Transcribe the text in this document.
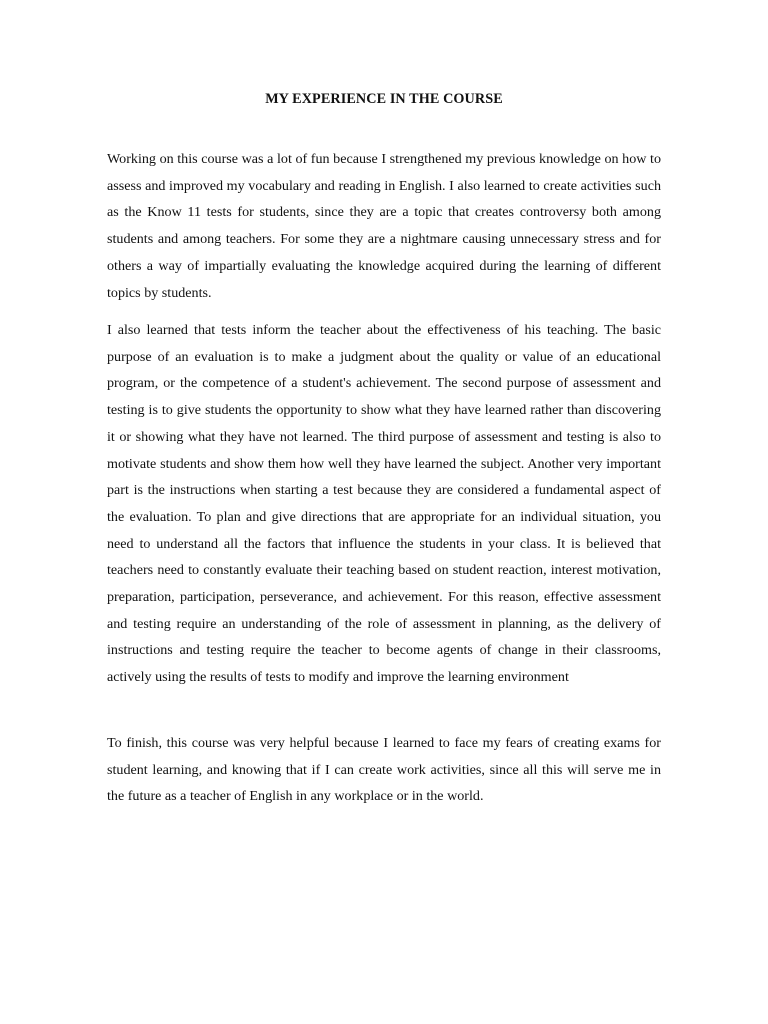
MY EXPERIENCE IN THE COURSE

Working on this course was a lot of fun because I strengthened my previous knowledge on how to assess and improved my vocabulary and reading in English. I also learned to create activities such as the Know 11 tests for students, since they are a topic that creates controversy both among students and among teachers. For some they are a nightmare causing unnecessary stress and for others a way of impartially evaluating the knowledge acquired during the learning of different topics by students.

I also learned that tests inform the teacher about the effectiveness of his teaching. The basic purpose of an evaluation is to make a judgment about the quality or value of an educational program, or the competence of a student's achievement. The second purpose of assessment and testing is to give students the opportunity to show what they have learned rather than discovering it or showing what they have not learned. The third purpose of assessment and testing is also to motivate students and show them how well they have learned the subject. Another very important part is the instructions when starting a test because they are considered a fundamental aspect of the evaluation. To plan and give directions that are appropriate for an individual situation, you need to understand all the factors that influence the students in your class. It is believed that teachers need to constantly evaluate their teaching based on student reaction, interest motivation, preparation, participation, perseverance, and achievement. For this reason, effective assessment and testing require an understanding of the role of assessment in planning, as the delivery of instructions and testing require the teacher to become agents of change in their classrooms, actively using the results of tests to modify and improve the learning environment

To finish, this course was very helpful because I learned to face my fears of creating exams for student learning, and knowing that if I can create work activities, since all this will serve me in the future as a teacher of English in any workplace or in the world.
